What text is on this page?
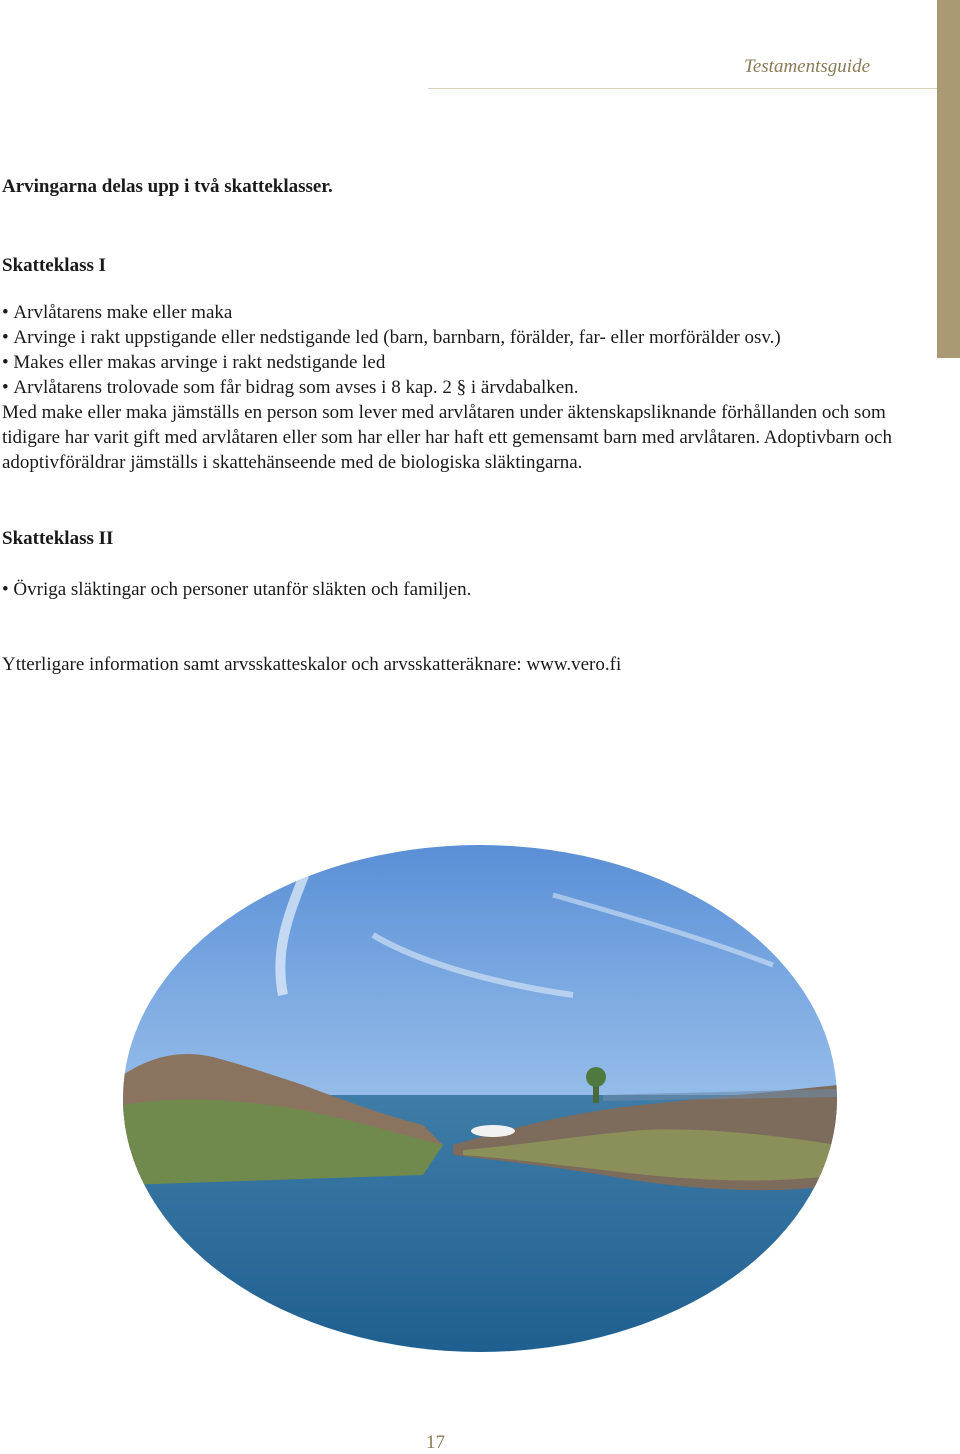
Testamentsguide

Arvingarna delas upp i två skatteklasser.

Skatteklass I

• Arvlåtarens make eller maka
• Arvinge i rakt uppstigande eller nedstigande led (barn, barnbarn, förälder, far- eller morförälder osv.)
• Makes eller makas arvinge i rakt nedstigande led
• Arvlåtarens trolovade som får bidrag som avses i 8 kap. 2 § i ärvdabalken.

Med make eller maka jämställs en person som lever med arvlåtaren under äktenskapsliknande förhållanden och som tidigare har varit gift med arvlåtaren eller som har eller har haft ett gemensamt barn med arvlåtaren. Adoptivbarn och adoptivföräldrar jämställs i skattehänseende med de biologiska släktingarna.

Skatteklass II

• Övriga släktingar och personer utanför släkten och familjen.

Ytterligare information samt arvsskatteskalor och arvsskatteräknare: www.vero.fi

17
